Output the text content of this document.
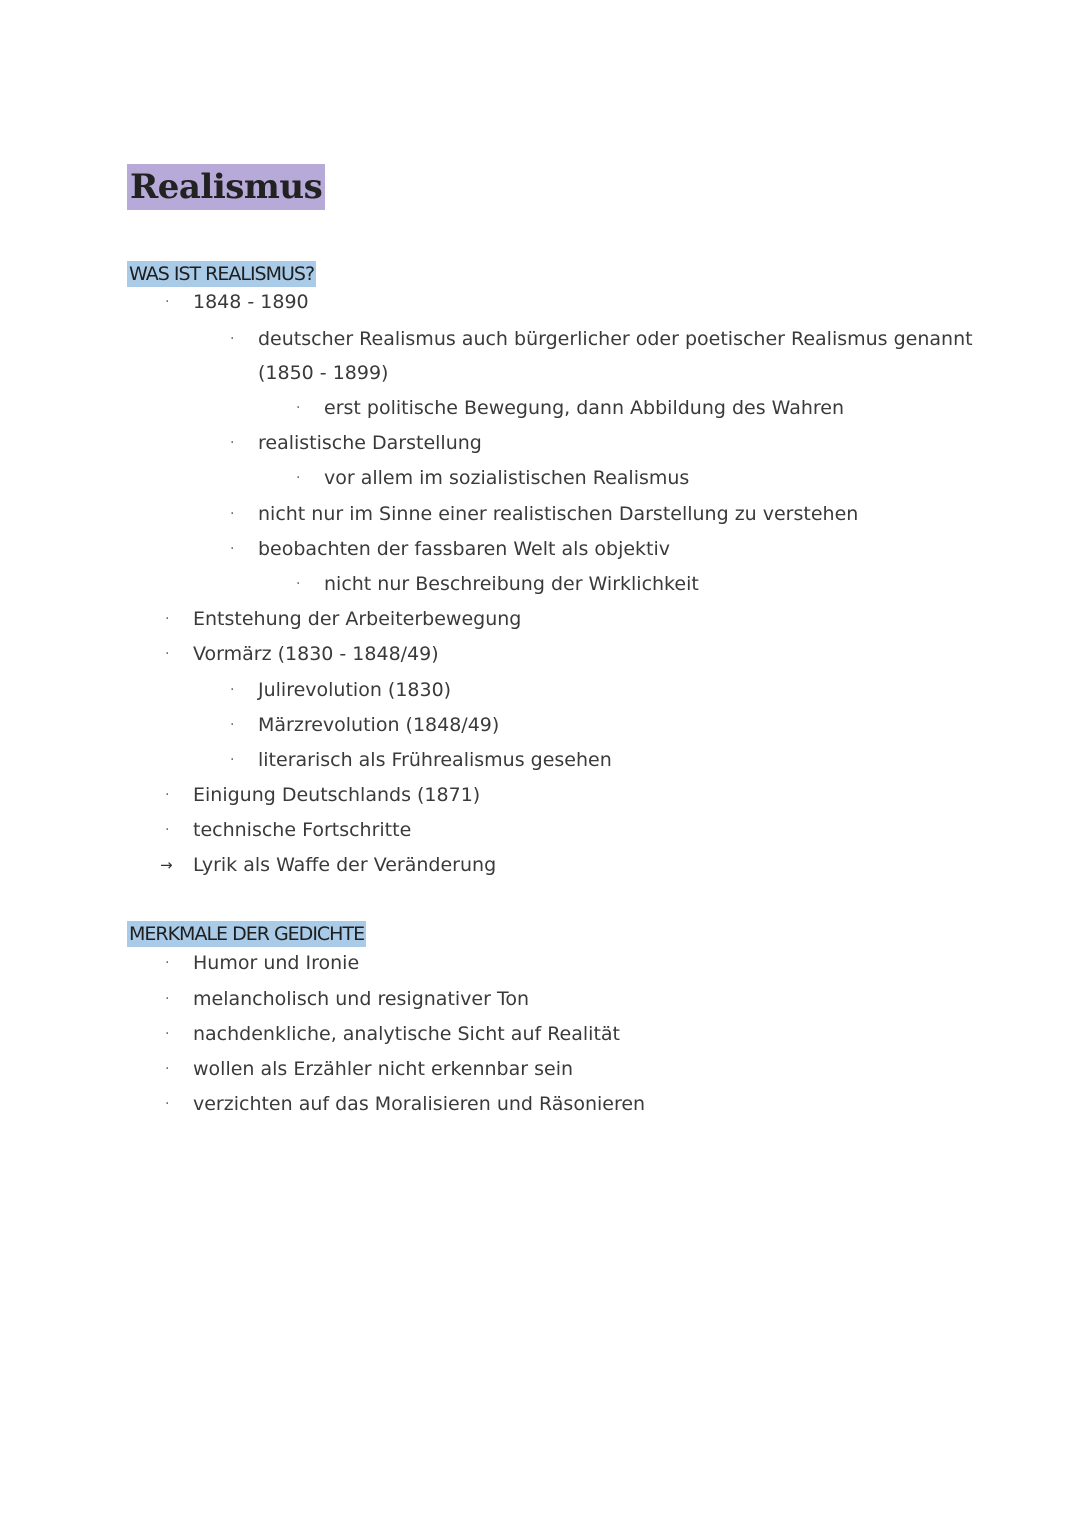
Realismus
WAS IST REALISMUS?
· 1848 - 1890
· deutscher Realismus auch bürgerlicher oder poetischer Realismus genannt
(1850 - 1899)
· erst politische Bewegung, dann Abbildung des Wahren
· realistische Darstellung
· vor allem im sozialistischen Realismus
· nicht nur im Sinne einer realistischen Darstellung zu verstehen
· beobachten der fassbaren Welt als objektiv
· nicht nur Beschreibung der Wirklichkeit
· Entstehung der Arbeiterbewegung
· Vormärz (1830 - 1848/49)
· Julirevolution (1830)
· Märzrevolution (1848/49)
· literarisch als Frührealismus gesehen
· Einigung Deutschlands (1871)
· technische Fortschritte
→ Lyrik als Waffe der Veränderung
MERKMALE DER GEDICHTE
· Humor und Ironie
· melancholisch und resignativer Ton
· nachdenkliche, analytische Sicht auf Realität
· wollen als Erzähler nicht erkennbar sein
· verzichten auf das Moralisieren und Räsonieren
